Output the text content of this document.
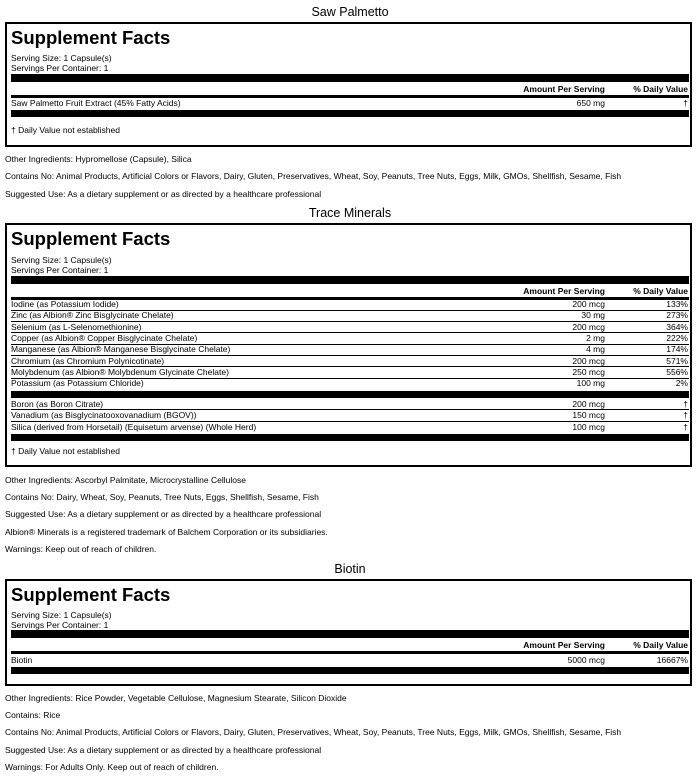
Saw Palmetto
Supplement Facts
Serving Size: 1 Capsule(s)
Servings Per Container: 1
Amount Per Serving	% Daily Value
Saw Palmetto Fruit Extract (45% Fatty Acids)	650 mg	†
† Daily Value not established
Other Ingredients: Hypromellose (Capsule), Silica
Contains No: Animal Products, Artificial Colors or Flavors, Dairy, Gluten, Preservatives, Wheat, Soy, Peanuts, Tree Nuts, Eggs, Milk, GMOs, Shellfish, Sesame, Fish
Suggested Use: As a dietary supplement or as directed by a healthcare professional
Trace Minerals
Supplement Facts
Serving Size: 1 Capsule(s)
Servings Per Container: 1
Amount Per Serving	% Daily Value
Iodine (as Potassium Iodide)	200 mcg	133%
Zinc (as Albion® Zinc Bisglycinate Chelate)	30 mg	273%
Selenium (as L-Selenomethionine)	200 mcg	364%
Copper (as Albion® Copper Bisglycinate Chelate)	2 mg	222%
Manganese (as Albion® Manganese Bisglycinate Chelate)	4 mg	174%
Chromium (as Chromium Polynicotinate)	200 mcg	571%
Molybdenum (as Albion® Molybdenum Glycinate Chelate)	250 mcg	556%
Potassium (as Potassium Chloride)	100 mg	2%
Boron (as Boron Citrate)	200 mcg	†
Vanadium (as Bisglycinatooxovanadium (BGOV))	150 mcg	†
Silica (derived from Horsetail) (Equisetum arvense) (Whole Herd)	100 mcg	†
† Daily Value not established
Other Ingredients: Ascorbyl Palmitate, Microcrystalline Cellulose
Contains No: Dairy, Wheat, Soy, Peanuts, Tree Nuts, Eggs, Shellfish, Sesame, Fish
Suggested Use: As a dietary supplement or as directed by a healthcare professional
Albion® Minerals is a registered trademark of Balchem Corporation or its subsidiaries.
Warnings: Keep out of reach of children.
Biotin
Supplement Facts
Serving Size: 1 Capsule(s)
Servings Per Container: 1
Amount Per Serving	% Daily Value
Biotin	5000 mcg	16667%
Other Ingredients: Rice Powder, Vegetable Cellulose, Magnesium Stearate, Silicon Dioxide
Contains: Rice
Contains No: Animal Products, Artificial Colors or Flavors, Dairy, Gluten, Preservatives, Wheat, Soy, Peanuts, Tree Nuts, Eggs, Milk, GMOs, Shellfish, Sesame, Fish
Suggested Use: As a dietary supplement or as directed by a healthcare professional
Warnings: For Adults Only. Keep out of reach of children.
